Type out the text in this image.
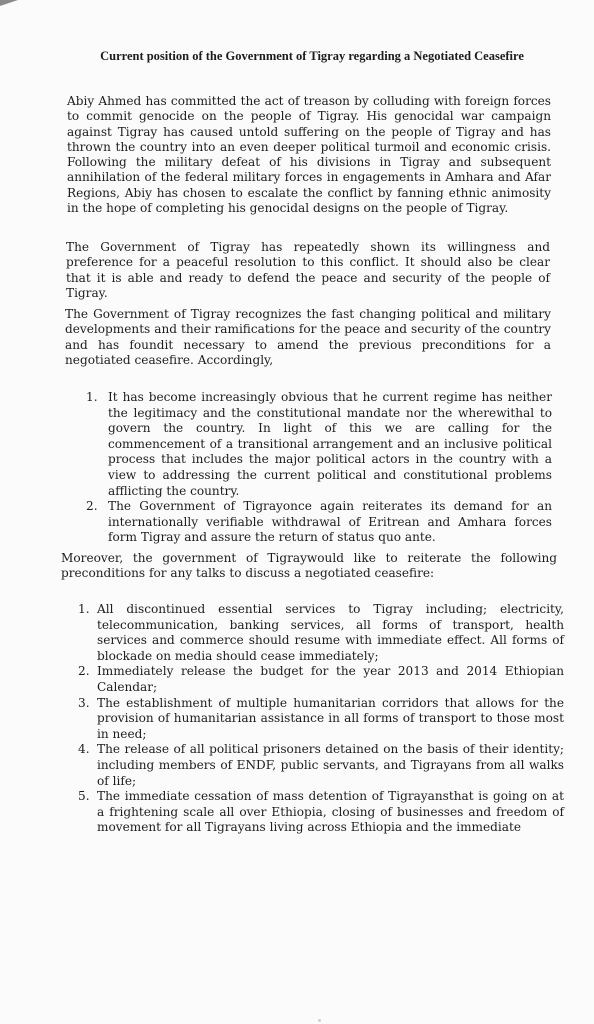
Current position of the Government of Tigray regarding a Negotiated Ceasefire

Abiy Ahmed has committed the act of treason by colluding with foreign forces to commit genocide on the people of Tigray. His genocidal war campaign against Tigray has caused untold suffering on the people of Tigray and has thrown the country into an even deeper political turmoil and economic crisis. Following the military defeat of his divisions in Tigray and subsequent annihilation of the federal military forces in engagements in Amhara and Afar Regions, Abiy has chosen to escalate the conflict by fanning ethnic animosity in the hope of completing his genocidal designs on the people of Tigray.

The Government of Tigray has repeatedly shown its willingness and preference for a peaceful resolution to this conflict. It should also be clear that it is able and ready to defend the peace and security of the people of Tigray.

The Government of Tigray recognizes the fast changing political and military developments and their ramifications for the peace and security of the country and has foundit necessary to amend the previous preconditions for a negotiated ceasefire. Accordingly,

1. It has become increasingly obvious that he current regime has neither the legitimacy and the constitutional mandate nor the wherewithal to govern the country. In light of this we are calling for the commencement of a transitional arrangement and an inclusive political process that includes the major political actors in the country with a view to addressing the current political and constitutional problems afflicting the country.
2. The Government of Tigrayonce again reiterates its demand for an internationally verifiable withdrawal of Eritrean and Amhara forces form Tigray and assure the return of status quo ante.

Moreover, the government of Tigraywould like to reiterate the following preconditions for any talks to discuss a negotiated ceasefire:

1. All discontinued essential services to Tigray including; electricity, telecommunication, banking services, all forms of transport, health services and commerce should resume with immediate effect. All forms of blockade on media should cease immediately;
2. Immediately release the budget for the year 2013 and 2014 Ethiopian Calendar;
3. The establishment of multiple humanitarian corridors that allows for the provision of humanitarian assistance in all forms of transport to those most in need;
4. The release of all political prisoners detained on the basis of their identity; including members of ENDF, public servants, and Tigrayans from all walks of life;
5. The immediate cessation of mass detention of Tigrayansthat is going on at a frightening scale all over Ethiopia, closing of businesses and freedom of movement for all Tigrayans living across Ethiopia and the immediate
